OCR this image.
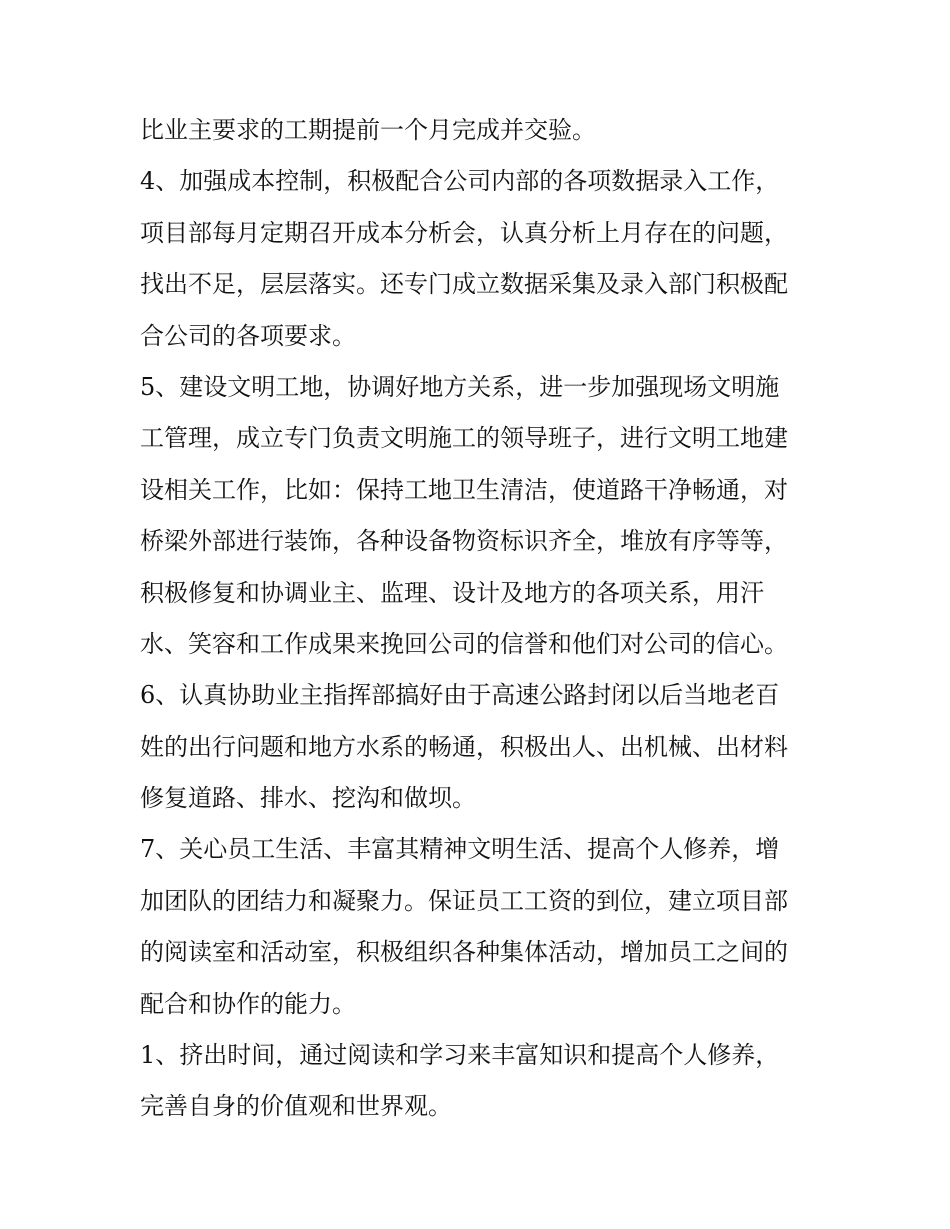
比业主要求的工期提前一个月完成并交验。

4、加强成本控制，积极配合公司内部的各项数据录入工作，
项目部每月定期召开成本分析会，认真分析上月存在的问题，
找出不足，层层落实。还专门成立数据采集及录入部门积极配
合公司的各项要求。

5、建设文明工地，协调好地方关系，进一步加强现场文明施
工管理，成立专门负责文明施工的领导班子，进行文明工地建
设相关工作，比如：保持工地卫生清洁，使道路干净畅通，对
桥梁外部进行装饰，各种设备物资标识齐全，堆放有序等等，
积极修复和协调业主、监理、设计及地方的各项关系，用汗
水、笑容和工作成果来挽回公司的信誉和他们对公司的信心。

6、认真协助业主指挥部搞好由于高速公路封闭以后当地老百
姓的出行问题和地方水系的畅通，积极出人、出机械、出材料
修复道路、排水、挖沟和做坝。

7、关心员工生活、丰富其精神文明生活、提高个人修养，增
加团队的团结力和凝聚力。保证员工工资的到位，建立项目部
的阅读室和活动室，积极组织各种集体活动，增加员工之间的
配合和协作的能力。

1、挤出时间，通过阅读和学习来丰富知识和提高个人修养，
完善自身的价值观和世界观。
